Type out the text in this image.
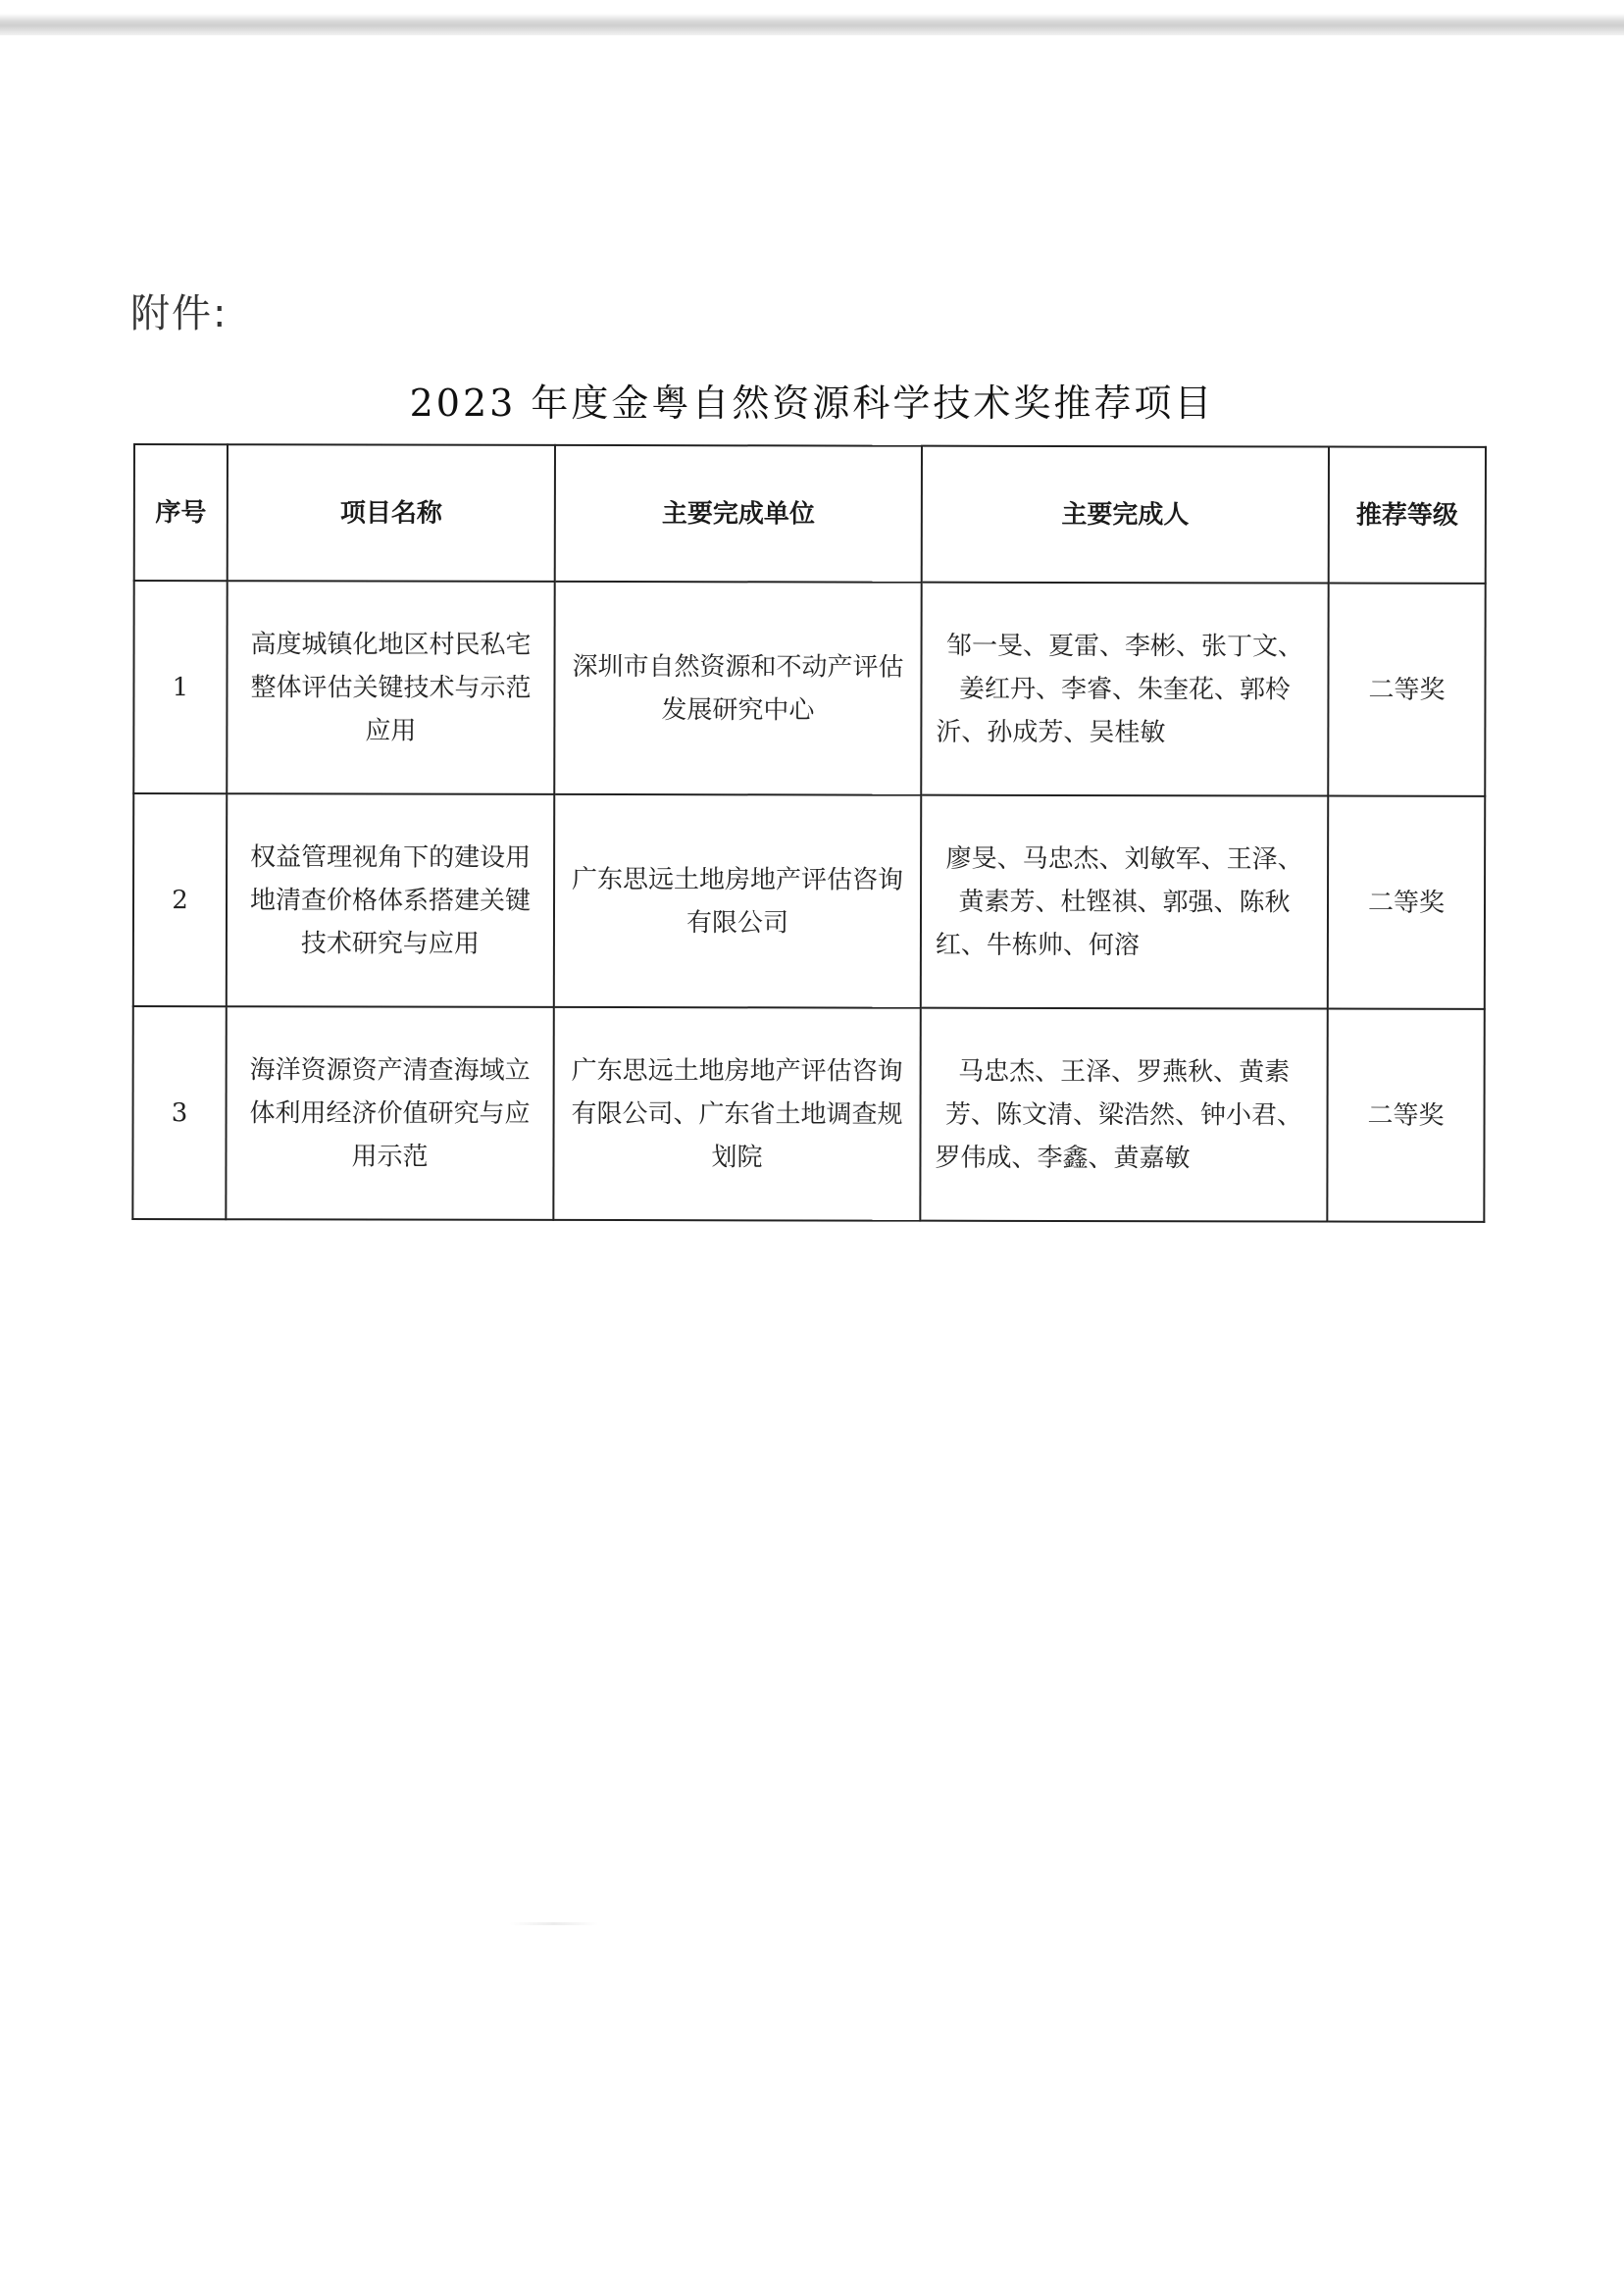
附件:
2023 年度金粤自然资源科学技术奖推荐项目
序号	项目名称	主要完成单位	主要完成人	推荐等级
1	高度城镇化地区村民私宅整体评估关键技术与示范应用	深圳市自然资源和不动产评估发展研究中心	邹一旻、夏雷、李彬、张丁文、姜红丹、李睿、朱奎花、郭柃沂、孙成芳、吴桂敏	二等奖
2	权益管理视角下的建设用地清查价格体系搭建关键技术研究与应用	广东思远土地房地产评估咨询有限公司	廖旻、马忠杰、刘敏军、王泽、黄素芳、杜铿祺、郭强、陈秋红、牛栋帅、何溶	二等奖
3	海洋资源资产清查海域立体利用经济价值研究与应用示范	广东思远土地房地产评估咨询有限公司、广东省土地调查规划院	马忠杰、王泽、罗燕秋、黄素芳、陈文清、梁浩然、钟小君、罗伟成、李鑫、黄嘉敏	二等奖
